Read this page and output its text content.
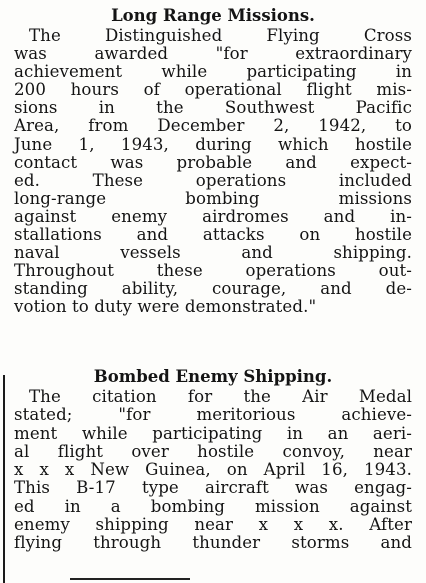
Long Range Missions.
The Distinguished Flying Cross
was awarded "for extraordinary
achievement while participating in
200 hours of operational flight mis-
sions in the Southwest Pacific
Area, from December 2, 1942, to
June 1, 1943, during which hostile
contact was probable and expect-
ed. These operations included
long-range bombing missions
against enemy airdromes and in-
stallations and attacks on hostile
naval vessels and shipping.
Throughout these operations out-
standing ability, courage, and de-
votion to duty were demonstrated."
Bombed Enemy Shipping.
The citation for the Air Medal
stated; "for meritorious achieve-
ment while participating in an aeri-
al flight over hostile convoy, near
x x x New Guinea, on April 16, 1943.
This B-17 type aircraft was engag-
ed in a bombing mission against
enemy shipping near x x x. After
flying through thunder storms and
